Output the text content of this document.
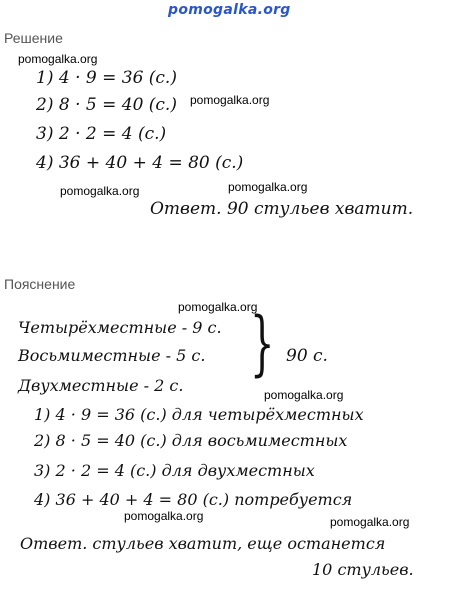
pomogalka.org
Решение
pomogalka.org
1) 4 · 9 = 36 (с.)
2) 8 · 5 = 40 (с.) pomogalka.org
3) 2 · 2 = 4 (с.)
4) 36 + 40 + 4 = 80 (с.)
pomogalka.org	pomogalka.org
Ответ. 90 стульев хватит.
Пояснение
pomogalka.org
Четырёхместные - 9 с.
Восьмиместные - 5 с.
Двухместные - 2 с.
} 90 с.
pomogalka.org
1) 4 · 9 = 36 (с.) для четырёхместных
2) 8 · 5 = 40 (с.) для восьмиместных
3) 2 · 2 = 4 (с.) для двухместных
4) 36 + 40 + 4 = 80 (с.) потребуется
pomogalka.org	pomogalka.org
Ответ. стульев хватит, еще останется
10 стульев.
